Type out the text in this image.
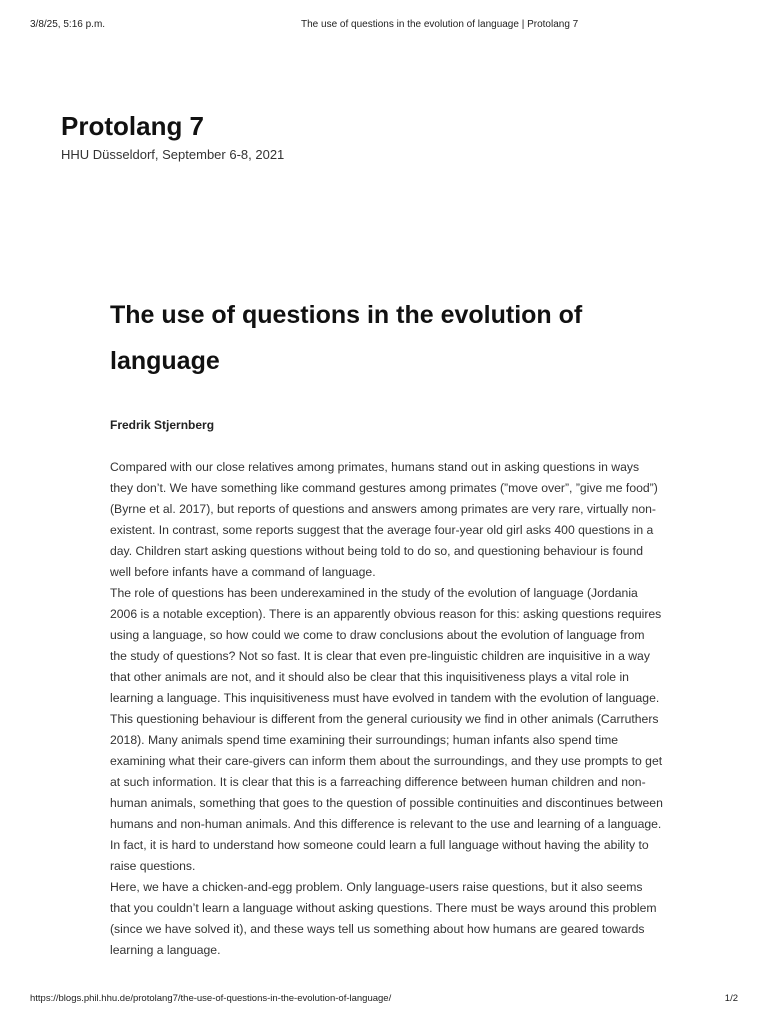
3/8/25, 5:16 p.m.	The use of questions in the evolution of language | Protolang 7
Protolang 7

HHU Düsseldorf, September 6-8, 2021

The use of questions in the evolution of language

Fredrik Stjernberg

Compared with our close relatives among primates, humans stand out in asking questions in ways they don’t. We have something like command gestures among primates (”move over”, ”give me food”) (Byrne et al. 2017), but reports of questions and answers among primates are very rare, virtually non-existent. In contrast, some reports suggest that the average four-year old girl asks 400 questions in a day. Children start asking questions without being told to do so, and questioning behaviour is found well before infants have a command of language.

The role of questions has been underexamined in the study of the evolution of language (Jordania 2006 is a notable exception). There is an apparently obvious reason for this: asking questions requires using a language, so how could we come to draw conclusions about the evolution of language from the study of questions? Not so fast. It is clear that even pre-linguistic children are inquisitive in a way that other animals are not, and it should also be clear that this inquisitiveness plays a vital role in learning a language. This inquisitiveness must have evolved in tandem with the evolution of language.

This questioning behaviour is different from the general curiousity we find in other animals (Carruthers 2018). Many animals spend time examining their surroundings; human infants also spend time examining what their care-givers can inform them about the surroundings, and they use prompts to get at such information. It is clear that this is a farreaching difference between human children and non-human animals, something that goes to the question of possible continuities and discontinues between humans and non-human animals. And this difference is relevant to the use and learning of a language. In fact, it is hard to understand how someone could learn a full language without having the ability to raise questions.

Here, we have a chicken-and-egg problem. Only language-users raise questions, but it also seems that you couldn’t learn a language without asking questions. There must be ways around this problem (since we have solved it), and these ways tell us something about how humans are geared towards learning a language.

https://blogs.phil.hhu.de/protolang7/the-use-of-questions-in-the-evolution-of-language/	1/2
